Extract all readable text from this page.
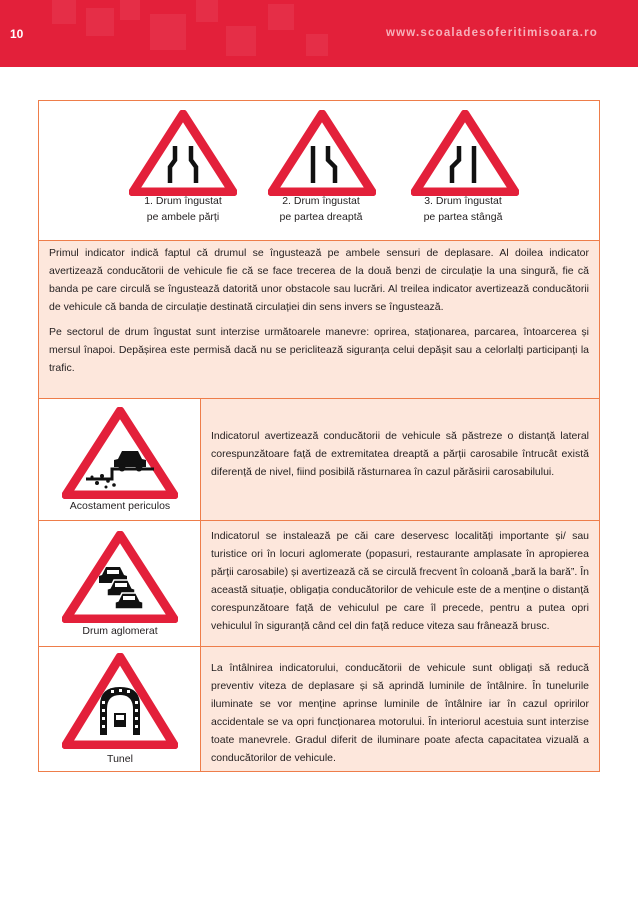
10	www.scoaladesoferitimisoara.ro
1. Drum îngustat
pe ambele părți
2. Drum îngustat
pe partea dreaptă
3. Drum îngustat
pe partea stângă

Primul indicator indică faptul că drumul se îngustează pe ambele sensuri de deplasare. Al doilea indicator avertizează conducătorii de vehicule fie că se face trecerea de la două benzi de circulație la una singură, fie că banda pe care circulă se îngustează datorită unor obstacole sau lucrări. Al treilea indicator avertizează conducătorii de vehicule că banda de circulație destinată circulației din sens invers se îngustează.

Pe sectorul de drum îngustat sunt interzise următoarele manevre: oprirea, staționarea, parcarea, întoarcerea și mersul înapoi. Depășirea este permisă dacă nu se periclitează siguranța celui depășit sau a celorlalți participanți la trafic.

Acostament periculos

Indicatorul avertizează conducătorii de vehicule să păstreze o distanță lateral corespunzătoare față de extremitatea dreaptă a părții carosabile întrucât există diferență de nivel, fiind posibilă răsturnarea în cazul părăsirii carosabilului.

Drum aglomerat

Indicatorul se instalează pe căi care deservesc localități importante și/ sau turistice ori în locuri aglomerate (popasuri, restaurante amplasate în apropierea părții carosabile) și avertizează că se circulă frecvent în coloană „bară la bară”. În această situație, obligația conducătorilor de vehicule este de a menține o distanță corespunzătoare față de vehiculul pe care îl precede, pentru a putea opri vehiculul în siguranță când cel din față reduce viteza sau frânează brusc.

Tunel

La întâlnirea indicatorului, conducătorii de vehicule sunt obligați să reducă preventiv viteza de deplasare și să aprindă luminile de întâlnire. În tunelurile iluminate se vor menține aprinse luminile de întâlnire iar în cazul opririlor accidentale se va opri funcționarea motorului. În interiorul acestuia sunt interzise toate manevrele. Gradul diferit de iluminare poate afecta capacitatea vizuală a conducătorilor de vehicule.
